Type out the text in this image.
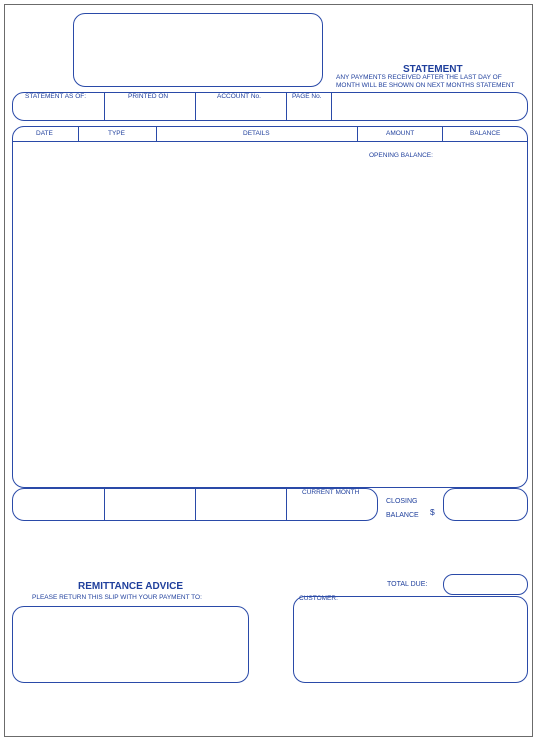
STATEMENT
ANY PAYMENTS RECEIVED AFTER THE LAST DAY OF
MONTH WILL BE SHOWN ON NEXT MONTHS STATEMENT
STATEMENT AS OF:	PRINTED ON	ACCOUNT No.	PAGE No.
DATE	TYPE	DETAILS	AMOUNT	BALANCE
OPENING BALANCE:
CURRENT MONTH
CLOSING
BALANCE $
REMITTANCE ADVICE
PLEASE RETURN THIS SLIP WITH YOUR PAYMENT TO:
TOTAL DUE:
CUSTOMER:
